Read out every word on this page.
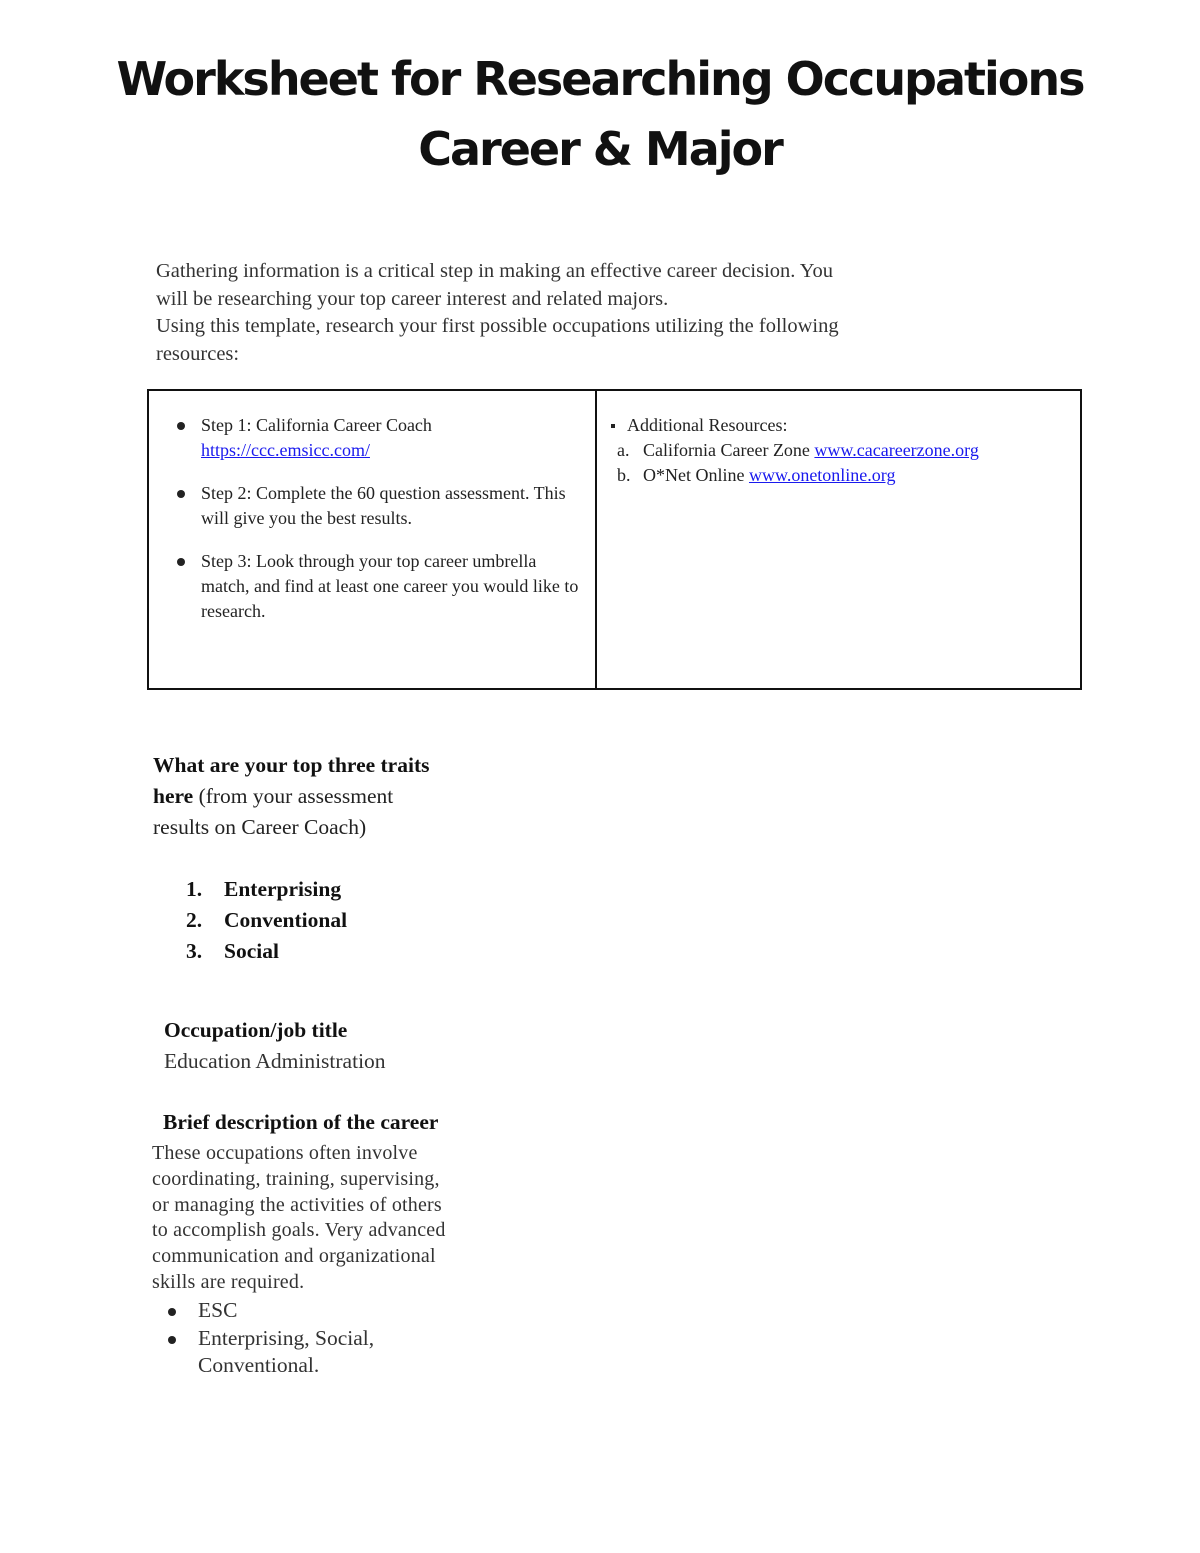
Worksheet for Researching Occupations
Career & Major

Gathering information is a critical step in making an effective career decision. You

will be researching your top career interest and related majors.

Using this template, research your first possible occupations utilizing the following

resources:

Step 1: California Career Coach
https://ccc.emsicc.com/
Step 2: Complete the 60 question assessment. This will give you the best results.
Step 3: Look through your top career umbrella match, and find at least one career you would like to research.
Additional Resources:
a. California Career Zone www.cacareerzone.org
b. O*Net Online www.onetonline.org
What are your top three traits
here (from your assessment
results on Career Coach)
1.	Enterprising
2.	Conventional
3.	Social
Occupation/job title
Education Administration
Brief description of the career
These occupations often involve
coordinating, training, supervising,
or managing the activities of others
to accomplish goals. Very advanced
communication and organizational
skills are required.
ESC
Enterprising, Social,
Conventional.
